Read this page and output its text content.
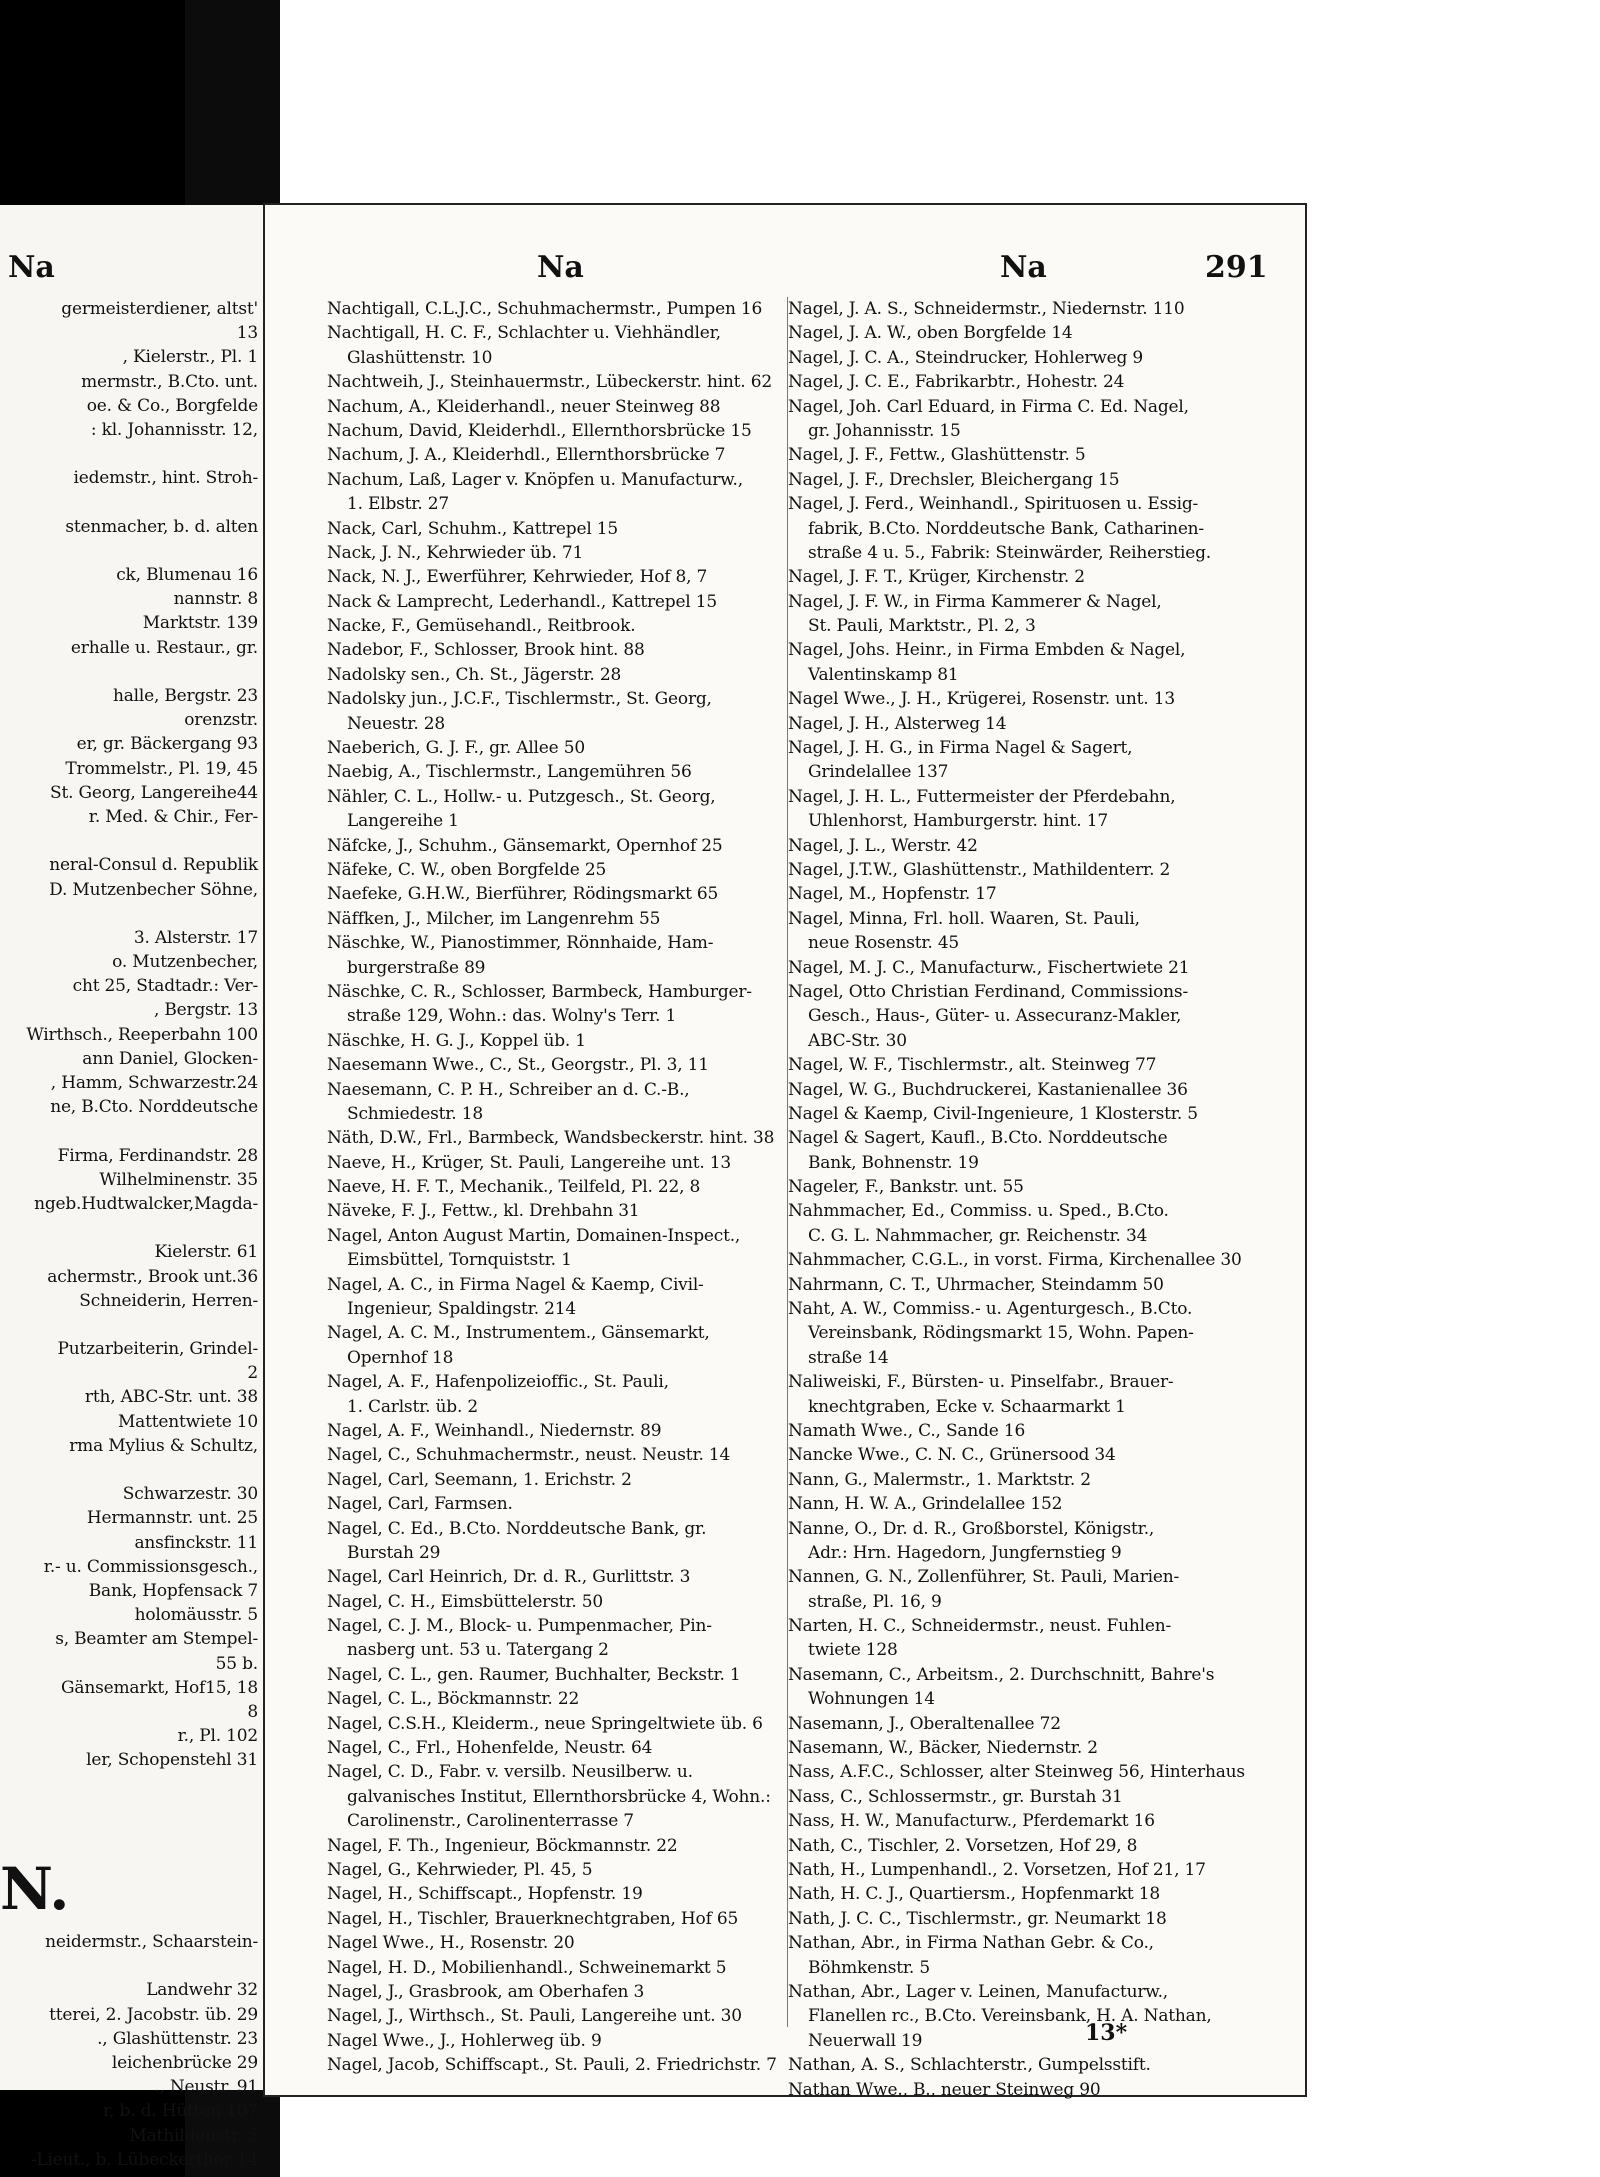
Na
germeisterdiener, altst'
13
, Kielerstr., Pl. 1
mermstr., B.Cto. unt.
oe. & Co., Borgfelde
: kl. Johannisstr. 12,
iedemstr., hint. Stroh-
stenmacher, b. d. alten
ck, Blumenau 16
nannstr. 8
Marktstr. 139
erhalle u. Restaur., gr.
halle, Bergstr. 23
orenzstr.
er, gr. Bäckergang 93
Trommelstr., Pl. 19, 45
St. Georg, Langereihe44
r. Med. & Chir., Fer-
neral-Consul d. Republik
D. Mutzenbecher Söhne,
3. Alsterstr. 17
o. Mutzenbecher,
cht 25, Stadtadr.: Ver-
, Bergstr. 13
Wirthsch., Reeperbahn 100
ann Daniel, Glocken-
, Hamm, Schwarzestr.24
ne, B.Cto. Norddeutsche
Firma, Ferdinandstr. 28
Wilhelminenstr. 35
ngeb.Hudtwalcker,Magda-
Kielerstr. 61
achermstr., Brook unt.36
Schneiderin, Herren-
Putzarbeiterin, Grindel-
2
rth, ABC-Str. unt. 38
Mattentwiete 10
rma Mylius & Schultz,
Schwarzestr. 30
Hermannstr. unt. 25
ansfinckstr. 11
r.- u. Commissionsgesch.,
Bank, Hopfensack 7
holomäusstr. 5
s, Beamter am Stempel-
55 b.
Gänsemarkt, Hof15, 18
8
r., Pl. 102
ler, Schopenstehl 31
N.
neidermstr., Schaarstein-
Landwehr 32
tterei, 2. Jacobstr. üb. 29
., Glashüttenstr. 23
leichenbrücke 29
., Neustr. 91
r, b. d. Hütten 107
Mathildenstr. 5
-Lieut., b. Lübeckerthor 14
Na	Na	291
Nachtigall, C.L.J.C., Schuhmachermstr., Pumpen 16
Nachtigall, H. C. F., Schlachter u. Viehhändler,
Glashüttenstr. 10
Nachtweih, J., Steinhauermstr., Lübeckerstr. hint. 62
Nachum, A., Kleiderhandl., neuer Steinweg 88
Nachum, David, Kleiderhdl., Ellernthorsbrücke 15
Nachum, J. A., Kleiderhdl., Ellernthorsbrücke 7
Nachum, Laß, Lager v. Knöpfen u. Manufacturw.,
1. Elbstr. 27
Nack, Carl, Schuhm., Kattrepel 15
Nack, J. N., Kehrwieder üb. 71
Nack, N. J., Ewerführer, Kehrwieder, Hof 8, 7
Nack & Lamprecht, Lederhandl., Kattrepel 15
Nacke, F., Gemüsehandl., Reitbrook.
Nadebor, F., Schlosser, Brook hint. 88
Nadolsky sen., Ch. St., Jägerstr. 28
Nadolsky jun., J.C.F., Tischlermstr., St. Georg,
Neuestr. 28
Naeberich, G. J. F., gr. Allee 50
Naebig, A., Tischlermstr., Langemühren 56
Nähler, C. L., Hollw.- u. Putzgesch., St. Georg,
Langereihe 1
Näfcke, J., Schuhm., Gänsemarkt, Opernhof 25
Näfeke, C. W., oben Borgfelde 25
Naefeke, G.H.W., Bierführer, Rödingsmarkt 65
Näffken, J., Milcher, im Langenrehm 55
Näschke, W., Pianostimmer, Rönnhaide, Ham-
burgerstraße 89
Näschke, C. R., Schlosser, Barmbeck, Hamburger-
straße 129, Wohn.: das. Wolny's Terr. 1
Näschke, H. G. J., Koppel üb. 1
Naesemann Wwe., C., St., Georgstr., Pl. 3, 11
Naesemann, C. P. H., Schreiber an d. C.-B.,
Schmiedestr. 18
Näth, D.W., Frl., Barmbeck, Wandsbeckerstr. hint. 38
Naeve, H., Krüger, St. Pauli, Langereihe unt. 13
Naeve, H. F. T., Mechanik., Teilfeld, Pl. 22, 8
Näveke, F. J., Fettw., kl. Drehbahn 31
Nagel, Anton August Martin, Domainen-Inspect.,
Eimsbüttel, Tornquiststr. 1
Nagel, A. C., in Firma Nagel & Kaemp, Civil-
Ingenieur, Spaldingstr. 214
Nagel, A. C. M., Instrumentem., Gänsemarkt,
Opernhof 18
Nagel, A. F., Hafenpolizeioffic., St. Pauli,
1. Carlstr. üb. 2
Nagel, A. F., Weinhandl., Niedernstr. 89
Nagel, C., Schuhmachermstr., neust. Neustr. 14
Nagel, Carl, Seemann, 1. Erichstr. 2
Nagel, Carl, Farmsen.
Nagel, C. Ed., B.Cto. Norddeutsche Bank, gr.
Burstah 29
Nagel, Carl Heinrich, Dr. d. R., Gurlittstr. 3
Nagel, C. H., Eimsbüttelerstr. 50
Nagel, C. J. M., Block- u. Pumpenmacher, Pin-
nasberg unt. 53 u. Tatergang 2
Nagel, C. L., gen. Raumer, Buchhalter, Beckstr. 1
Nagel, C. L., Böckmannstr. 22
Nagel, C.S.H., Kleiderm., neue Springeltwiete üb. 6
Nagel, C., Frl., Hohenfelde, Neustr. 64
Nagel, C. D., Fabr. v. versilb. Neusilberw. u.
galvanisches Institut, Ellernthorsbrücke 4, Wohn.:
Carolinenstr., Carolinenterrasse 7
Nagel, F. Th., Ingenieur, Böckmannstr. 22
Nagel, G., Kehrwieder, Pl. 45, 5
Nagel, H., Schiffscapt., Hopfenstr. 19
Nagel, H., Tischler, Brauerknechtgraben, Hof 65
Nagel Wwe., H., Rosenstr. 20
Nagel, H. D., Mobilienhandl., Schweinemarkt 5
Nagel, J., Grasbrook, am Oberhafen 3
Nagel, J., Wirthsch., St. Pauli, Langereihe unt. 30
Nagel Wwe., J., Hohlerweg üb. 9
Nagel, Jacob, Schiffscapt., St. Pauli, 2. Friedrichstr. 7
Nagel, J. A. S., Schneidermstr., Niedernstr. 110
Nagel, J. A. W., oben Borgfelde 14
Nagel, J. C. A., Steindrucker, Hohlerweg 9
Nagel, J. C. E., Fabrikarbtr., Hohestr. 24
Nagel, Joh. Carl Eduard, in Firma C. Ed. Nagel,
gr. Johannisstr. 15
Nagel, J. F., Fettw., Glashüttenstr. 5
Nagel, J. F., Drechsler, Bleichergang 15
Nagel, J. Ferd., Weinhandl., Spirituosen u. Essig-
fabrik, B.Cto. Norddeutsche Bank, Catharinen-
straße 4 u. 5., Fabrik: Steinwärder, Reiherstieg.
Nagel, J. F. T., Krüger, Kirchenstr. 2
Nagel, J. F. W., in Firma Kammerer & Nagel,
St. Pauli, Marktstr., Pl. 2, 3
Nagel, Johs. Heinr., in Firma Embden & Nagel,
Valentinskamp 81
Nagel Wwe., J. H., Krügerei, Rosenstr. unt. 13
Nagel, J. H., Alsterweg 14
Nagel, J. H. G., in Firma Nagel & Sagert,
Grindelallee 137
Nagel, J. H. L., Futtermeister der Pferdebahn,
Uhlenhorst, Hamburgerstr. hint. 17
Nagel, J. L., Werstr. 42
Nagel, J.T.W., Glashüttenstr., Mathildenterr. 2
Nagel, M., Hopfenstr. 17
Nagel, Minna, Frl. holl. Waaren, St. Pauli,
neue Rosenstr. 45
Nagel, M. J. C., Manufacturw., Fischertwiete 21
Nagel, Otto Christian Ferdinand, Commissions-
Gesch., Haus-, Güter- u. Assecuranz-Makler,
ABC-Str. 30
Nagel, W. F., Tischlermstr., alt. Steinweg 77
Nagel, W. G., Buchdruckerei, Kastanienallee 36
Nagel & Kaemp, Civil-Ingenieure, 1 Klosterstr. 5
Nagel & Sagert, Kaufl., B.Cto. Norddeutsche
Bank, Bohnenstr. 19
Nageler, F., Bankstr. unt. 55
Nahmmacher, Ed., Commiss. u. Sped., B.Cto.
C. G. L. Nahmmacher, gr. Reichenstr. 34
Nahmmacher, C.G.L., in vorst. Firma, Kirchenallee 30
Nahrmann, C. T., Uhrmacher, Steindamm 50
Naht, A. W., Commiss.- u. Agenturgesch., B.Cto.
Vereinsbank, Rödingsmarkt 15, Wohn. Papen-
straße 14
Naliweiski, F., Bürsten- u. Pinselfabr., Brauer-
knechtgraben, Ecke v. Schaarmarkt 1
Namath Wwe., C., Sande 16
Nancke Wwe., C. N. C., Grünersood 34
Nann, G., Malermstr., 1. Marktstr. 2
Nann, H. W. A., Grindelallee 152
Nanne, O., Dr. d. R., Großborstel, Königstr.,
Adr.: Hrn. Hagedorn, Jungfernstieg 9
Nannen, G. N., Zollenführer, St. Pauli, Marien-
straße, Pl. 16, 9
Narten, H. C., Schneidermstr., neust. Fuhlen-
twiete 128
Nasemann, C., Arbeitsm., 2. Durchschnitt, Bahre's
Wohnungen 14
Nasemann, J., Oberaltenallee 72
Nasemann, W., Bäcker, Niedernstr. 2
Nass, A.F.C., Schlosser, alter Steinweg 56, Hinterhaus
Nass, C., Schlossermstr., gr. Burstah 31
Nass, H. W., Manufacturw., Pferdemarkt 16
Nath, C., Tischler, 2. Vorsetzen, Hof 29, 8
Nath, H., Lumpenhandl., 2. Vorsetzen, Hof 21, 17
Nath, H. C. J., Quartiersm., Hopfenmarkt 18
Nath, J. C. C., Tischlermstr., gr. Neumarkt 18
Nathan, Abr., in Firma Nathan Gebr. & Co.,
Böhmkenstr. 5
Nathan, Abr., Lager v. Leinen, Manufacturw.,
Flanellen rc., B.Cto. Vereinsbank, H. A. Nathan,
Neuerwall 19
Nathan, A. S., Schlachterstr., Gumpelsstift.
Nathan Wwe., B., neuer Steinweg 90
13*
